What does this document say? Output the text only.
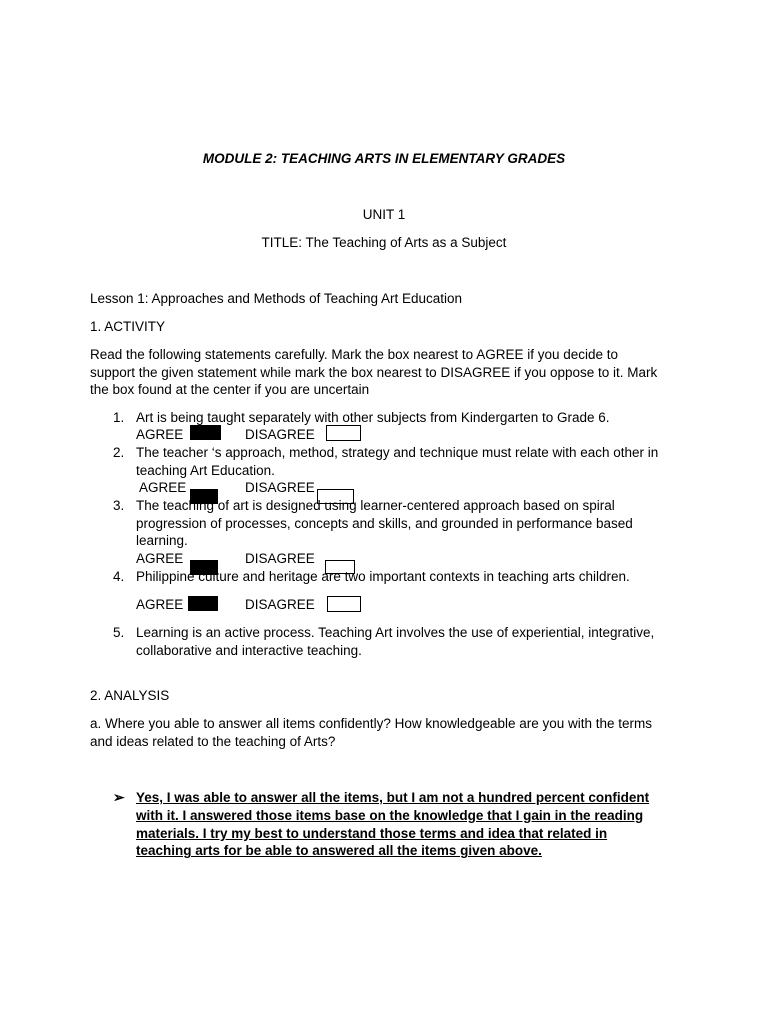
MODULE 2: TEACHING ARTS IN ELEMENTARY GRADES
UNIT 1
TITLE: The Teaching of Arts as a Subject
Lesson 1: Approaches and Methods of Teaching Art Education
1. ACTIVITY
Read the following statements carefully. Mark the box nearest to AGREE if you decide to
support the given statement while mark the box nearest to DISAGREE if you oppose to it. Mark
the box found at the center if you are uncertain
1. Art is being taught separately with other subjects from Kindergarten to Grade 6.
AGREE	DISAGREE
2. The teacher ‘s approach, method, strategy and technique must relate with each other in
teaching Art Education.
AGREE	DISAGREE
3. The teaching of art is designed using learner-centered approach based on spiral
progression of processes, concepts and skills, and grounded in performance based
learning.
AGREE	DISAGREE
4. Philippine culture and heritage are two important contexts in teaching arts children.
AGREE	DISAGREE
5. Learning is an active process. Teaching Art involves the use of experiential, integrative,
collaborative and interactive teaching.
2. ANALYSIS
a. Where you able to answer all items confidently? How knowledgeable are you with the terms
and ideas related to the teaching of Arts?
➢ Yes, I was able to answer all the items, but I am not a hundred percent confident
with it. I answered those items base on the knowledge that I gain in the reading
materials. I try my best to understand those terms and idea that related in
teaching arts for be able to answered all the items given above.
